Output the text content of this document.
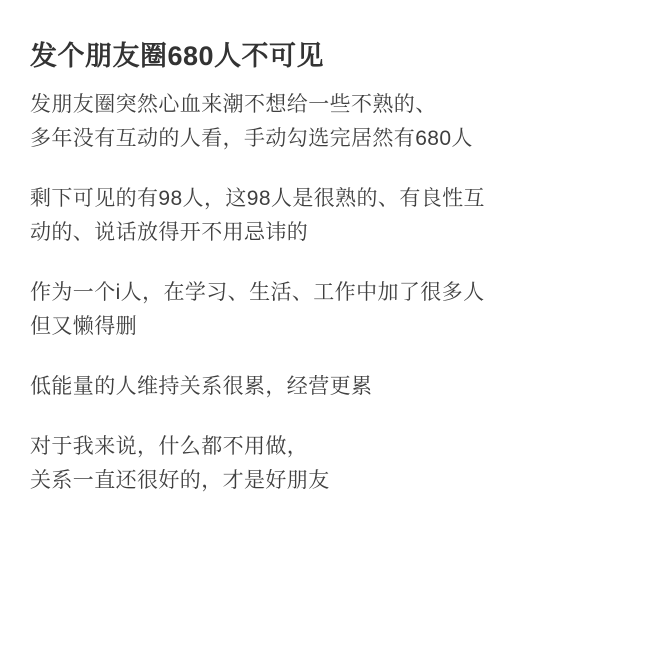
发个朋友圈680人不可见
发朋友圈突然心血来潮不想给一些不熟的、
多年没有互动的人看，手动勾选完居然有680人
剩下可见的有98人，这98人是很熟的、有良性互
动的、说话放得开不用忌讳的
作为一个i人，在学习、生活、工作中加了很多人
但又懒得删
低能量的人维持关系很累，经营更累
对于我来说，什么都不用做，
关系一直还很好的，才是好朋友
